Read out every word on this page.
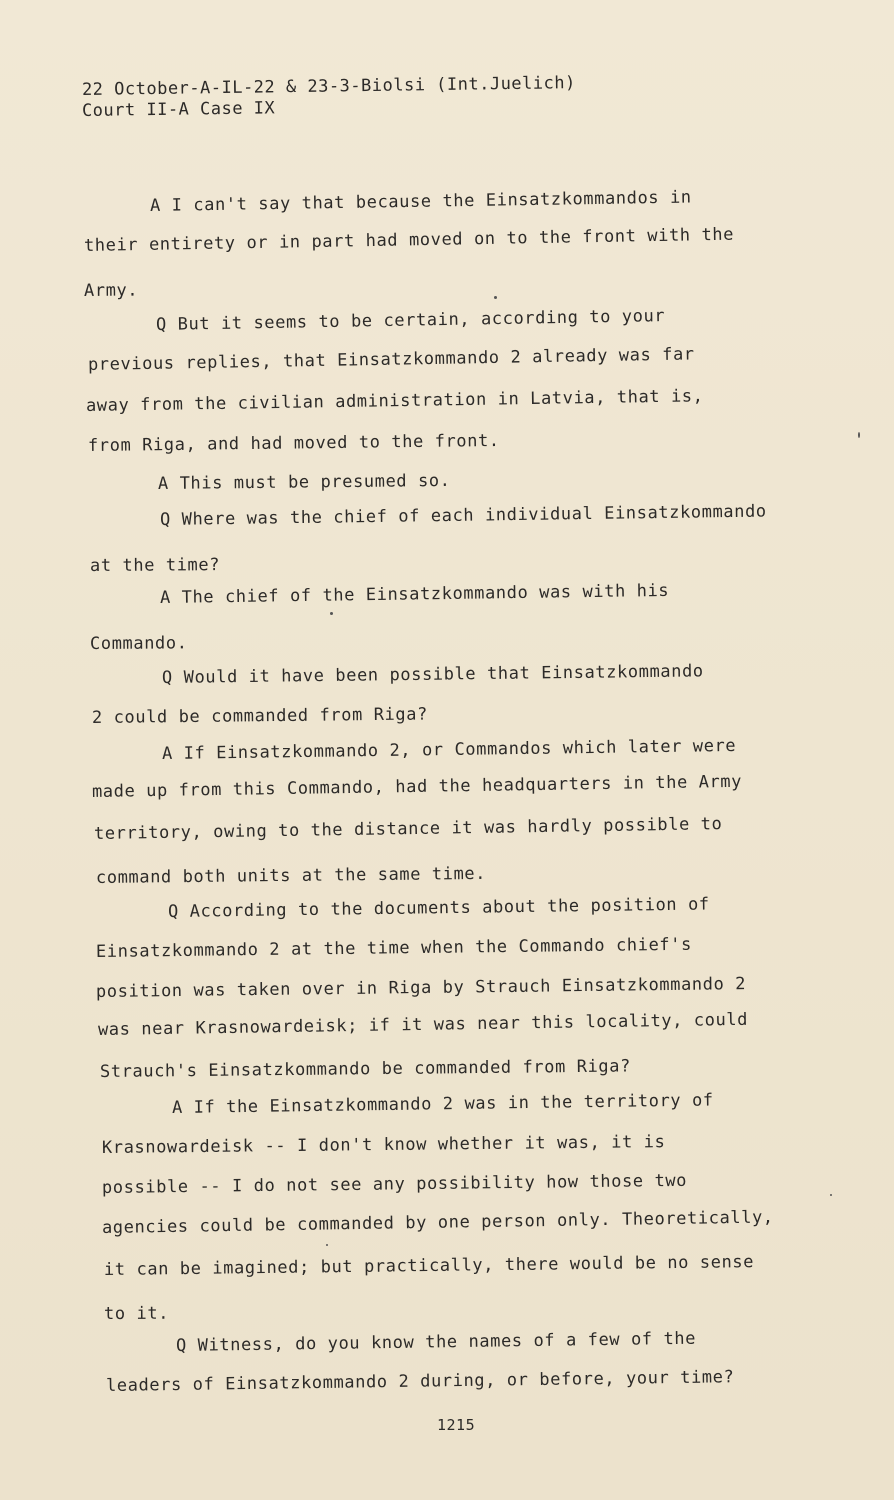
22 October-A-IL-22 & 23-3-Biolsi (Int.Juelich)
Court II-A Case IX
A I can't say that because the Einsatzkommandos in
their entirety or in part had moved on to the front with the
Army.
Q But it seems to be certain, according to your
previous replies, that Einsatzkommando 2 already was far
away from the civilian administration in Latvia, that is,
from Riga, and had moved to the front.
A This must be presumed so.
Q Where was the chief of each individual Einsatzkommando
at the time?
A The chief of the Einsatzkommando was with his
Commando.
Q Would it have been possible that Einsatzkommando
2 could be commanded from Riga?
A If Einsatzkommando 2, or Commandos which later were
made up from this Commando, had the headquarters in the Army
territory, owing to the distance it was hardly possible to
command both units at the same time.
Q According to the documents about the position of
Einsatzkommando 2 at the time when the Commando chief's
position was taken over in Riga by Strauch Einsatzkommando 2
was near Krasnowardeisk; if it was near this locality, could
Strauch's Einsatzkommando be commanded from Riga?
A If the Einsatzkommando 2 was in the territory of
Krasnowardeisk -- I don't know whether it was, it is
possible -- I do not see any possibility how those two
agencies could be commanded by one person only. Theoretically,
it can be imagined; but practically, there would be no sense
to it.
Q Witness, do you know the names of a few of the
leaders of Einsatzkommando 2 during, or before, your time?
1215
